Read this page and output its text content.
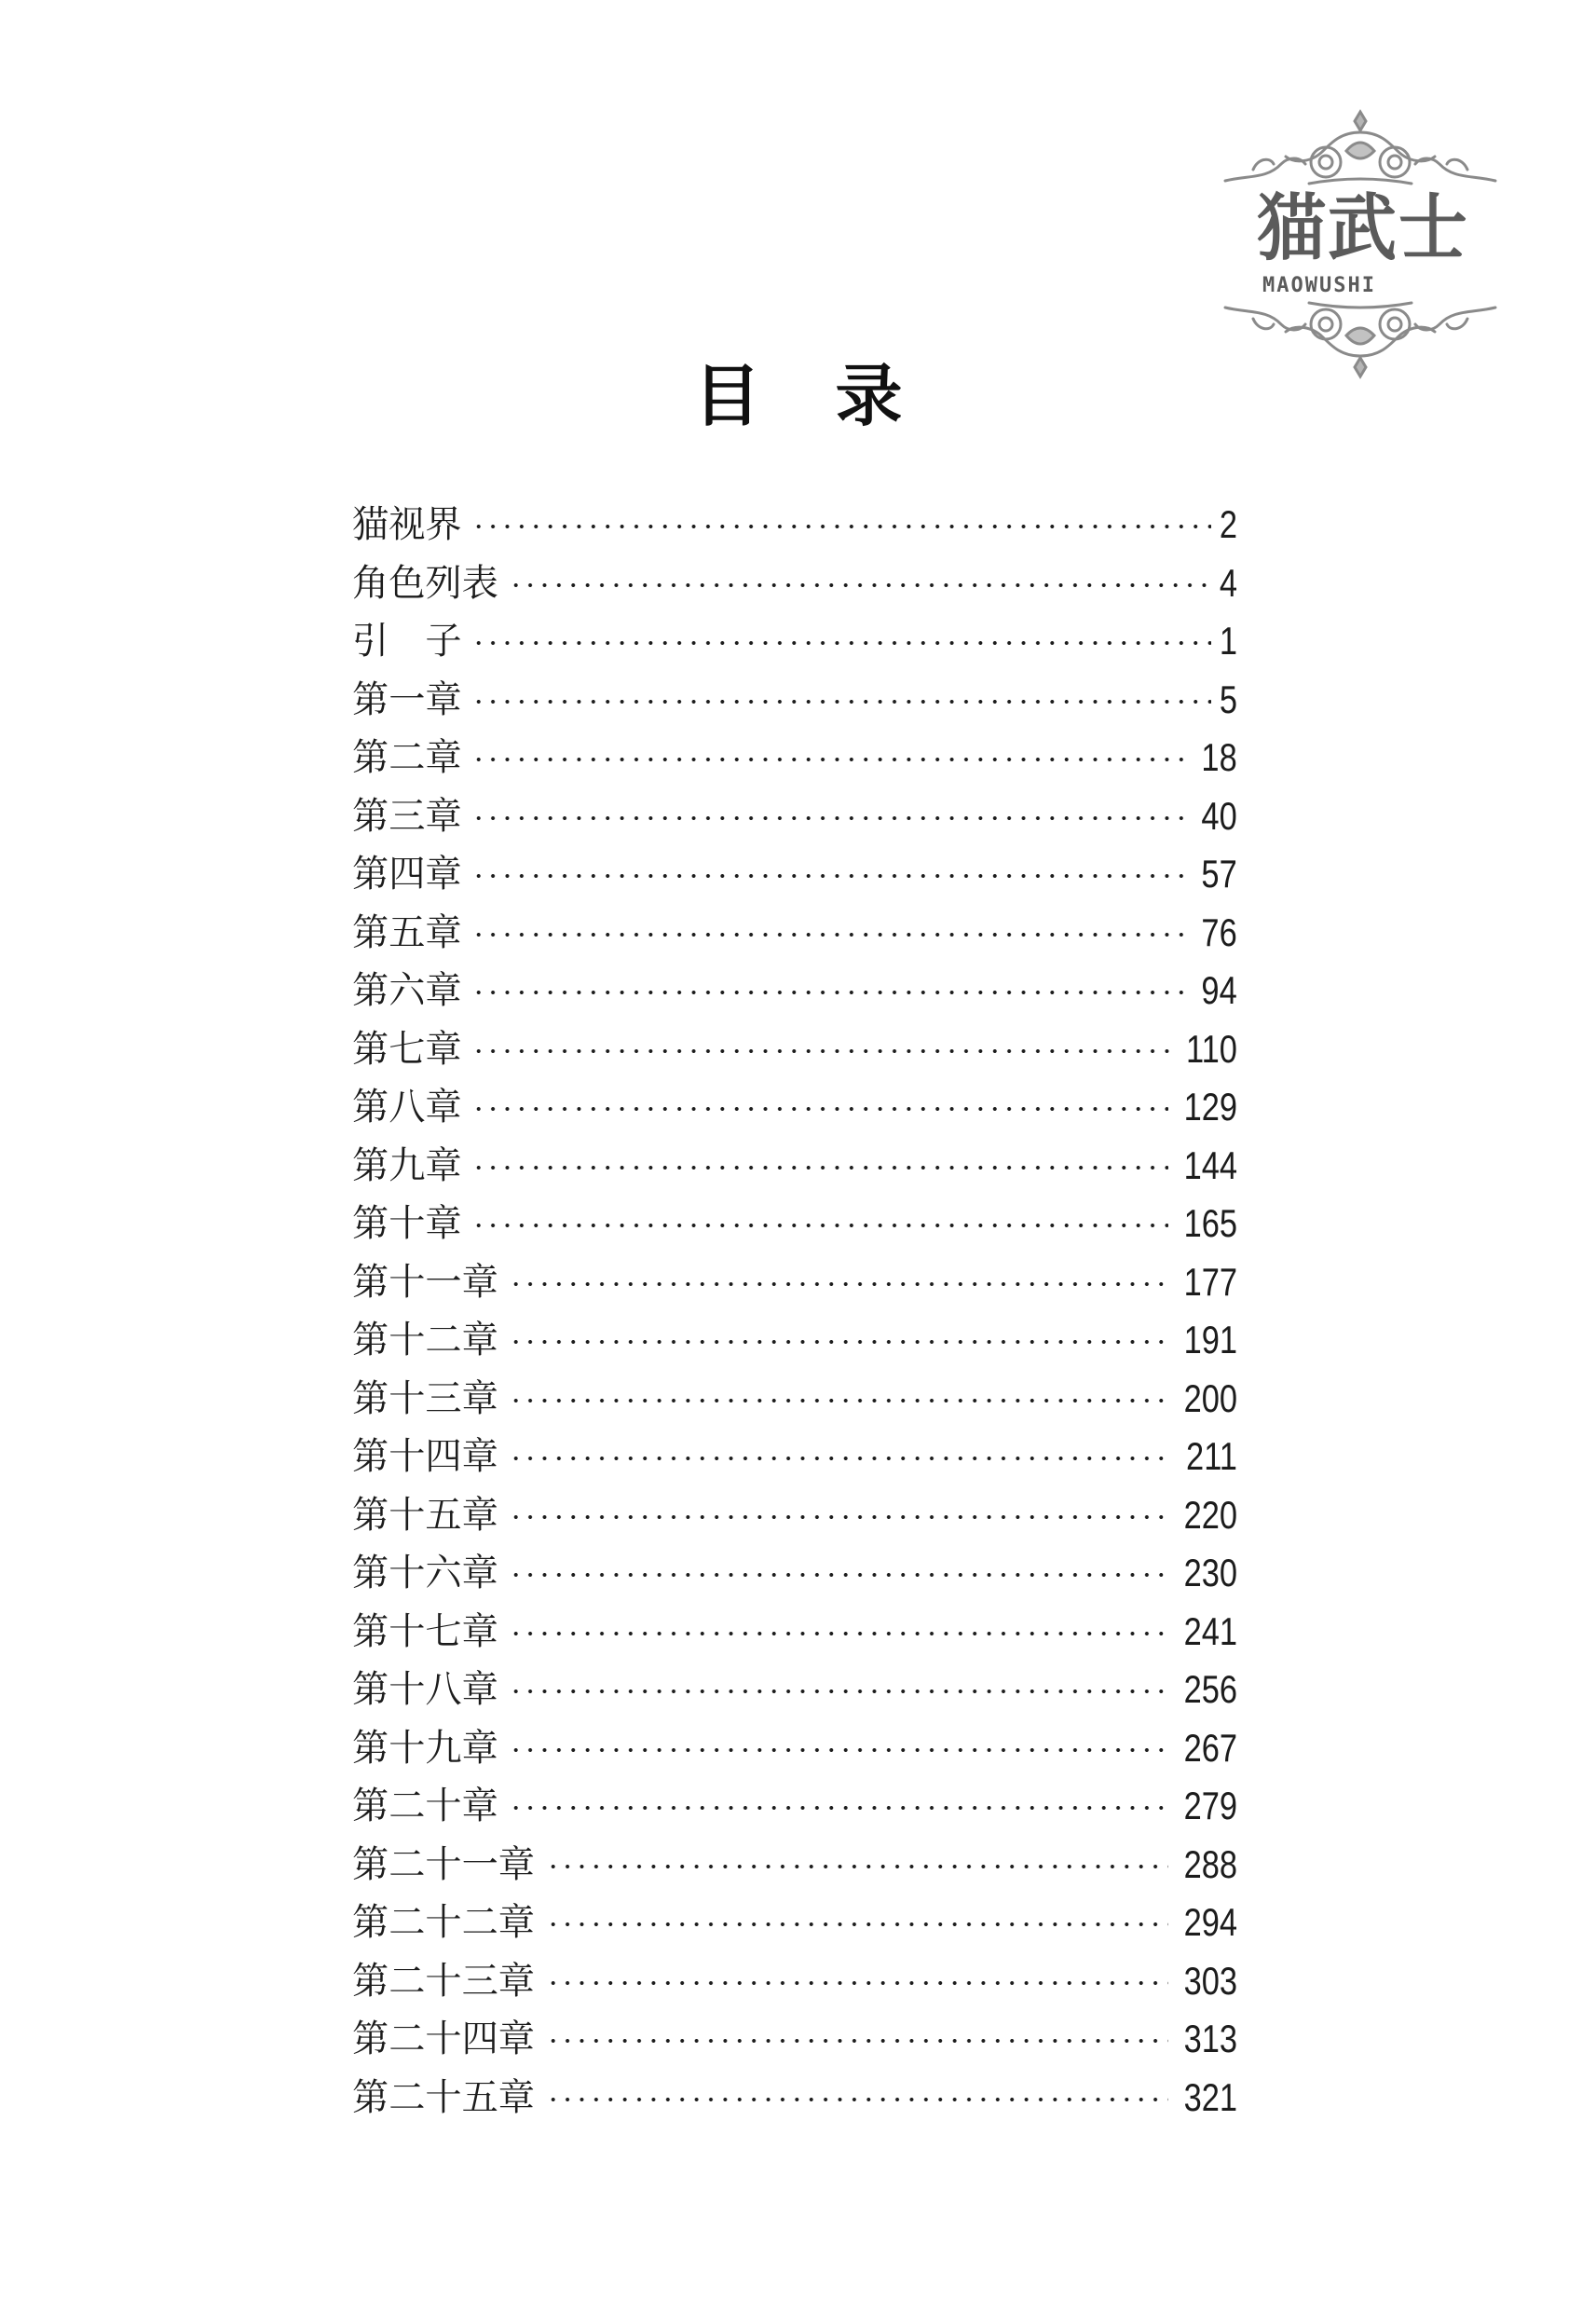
猫武士
MAOWUSHI
目 录
猫视界	2
角色列表	4
引　子	1
第一章	5
第二章	18
第三章	40
第四章	57
第五章	76
第六章	94
第七章	110
第八章	129
第九章	144
第十章	165
第十一章	177
第十二章	191
第十三章	200
第十四章	211
第十五章	220
第十六章	230
第十七章	241
第十八章	256
第十九章	267
第二十章	279
第二十一章	288
第二十二章	294
第二十三章	303
第二十四章	313
第二十五章	321
